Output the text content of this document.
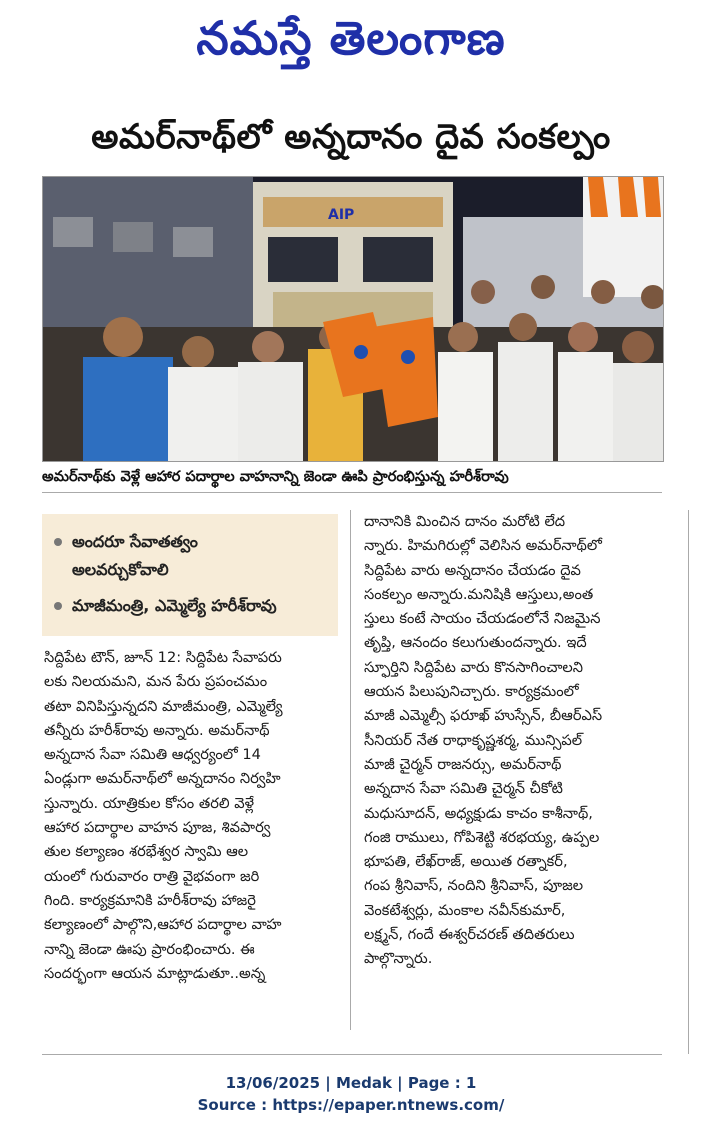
నమస్తే తెలంగాణ
అమర్‌నాథ్‌లో అన్నదానం దైవ సంకల్పం
AIP
అమర్‌నాథ్‌కు వెళ్లే ఆహార పదార్థాల వాహనాన్ని జెండా ఊపి ప్రారంభిస్తున్న హరీశ్‌రావు
అందరూ సేవాతత్వం
అలవర్చుకోవాలి
మాజీమంత్రి, ఎమ్మెల్యే హరీశ్‌రావు
సిద్దిపేట టౌన్, జూన్ 12: సిద్దిపేట సేవాపరు
లకు నిలయమని, మన పేరు ప్రపంచమం
తటా వినిపిస్తున్నదని మాజీమంత్రి, ఎమ్మెల్యే
తన్నీరు హరీశ్‌రావు అన్నారు. అమర్‌నాథ్
అన్నదాన సేవా సమితి ఆధ్వర్యంలో 14
ఏండ్లుగా అమర్‌నాథ్‌లో అన్నదానం నిర్వహి
స్తున్నారు. యాత్రికుల కోసం తరలి వెళ్లే
ఆహార పదార్థాల వాహన పూజ, శివపార్వ
తుల కల్యాణం శరభేశ్వర స్వామి ఆల
యంలో గురువారం రాత్రి వైభవంగా జరి
గింది. కార్యక్రమానికి హరీశ్‌రావు హాజరై
కల్యాణంలో పాల్గొని,ఆహార పదార్థాల వాహ
నాన్ని జెండా ఊపు ప్రారంభించారు. ఈ
సందర్భంగా ఆయన మాట్లాడుతూ..అన్న
దానానికి మించిన దానం మరోటి లేద
న్నారు. హిమగిరుల్లో వెలిసిన అమర్‌నాథ్‌లో
సిద్దిపేట వారు అన్నదానం చేయడం దైవ
సంకల్పం అన్నారు.మనిషికి ఆస్తులు,అంత
స్తులు కంటే సాయం చేయడంలోనే నిజమైన
తృప్తి, ఆనందం కలుగుతుందన్నారు. ఇదే
స్ఫూర్తిని సిద్దిపేట వారు కొనసాగించాలని
ఆయన పిలుపునిచ్చారు. కార్యక్రమంలో
మాజీ ఎమ్మెల్సీ ఫరూఖ్ హుస్సేన్, బీఆర్ఎస్
సీనియర్ నేత రాధాకృష్ణశర్మ, మున్సిపల్
మాజీ చైర్మన్ రాజనర్సు, అమర్‌నాథ్
అన్నదాన సేవా సమితి చైర్మన్ చీకోటి
మధుసూదన్, అధ్యక్షుడు కాచం కాశీనాథ్,
గంజి రాములు, గోపిశెట్టి శరభయ్య, ఉప్పల
భూపతి, లేఖ్‌రాజ్, అయిత రత్నాకర్,
గంప శ్రీనివాస్, నందిని శ్రీనివాస్, పూజల
వెంకటేశ్వర్లు, మంకాల నవీన్‌కుమార్,
లక్ష్మన్, గందే ఈశ్వర్‌చరణ్ తదితరులు
పాల్గొన్నారు.
13/06/2025 | Medak | Page : 1
Source : https://epaper.ntnews.com/
